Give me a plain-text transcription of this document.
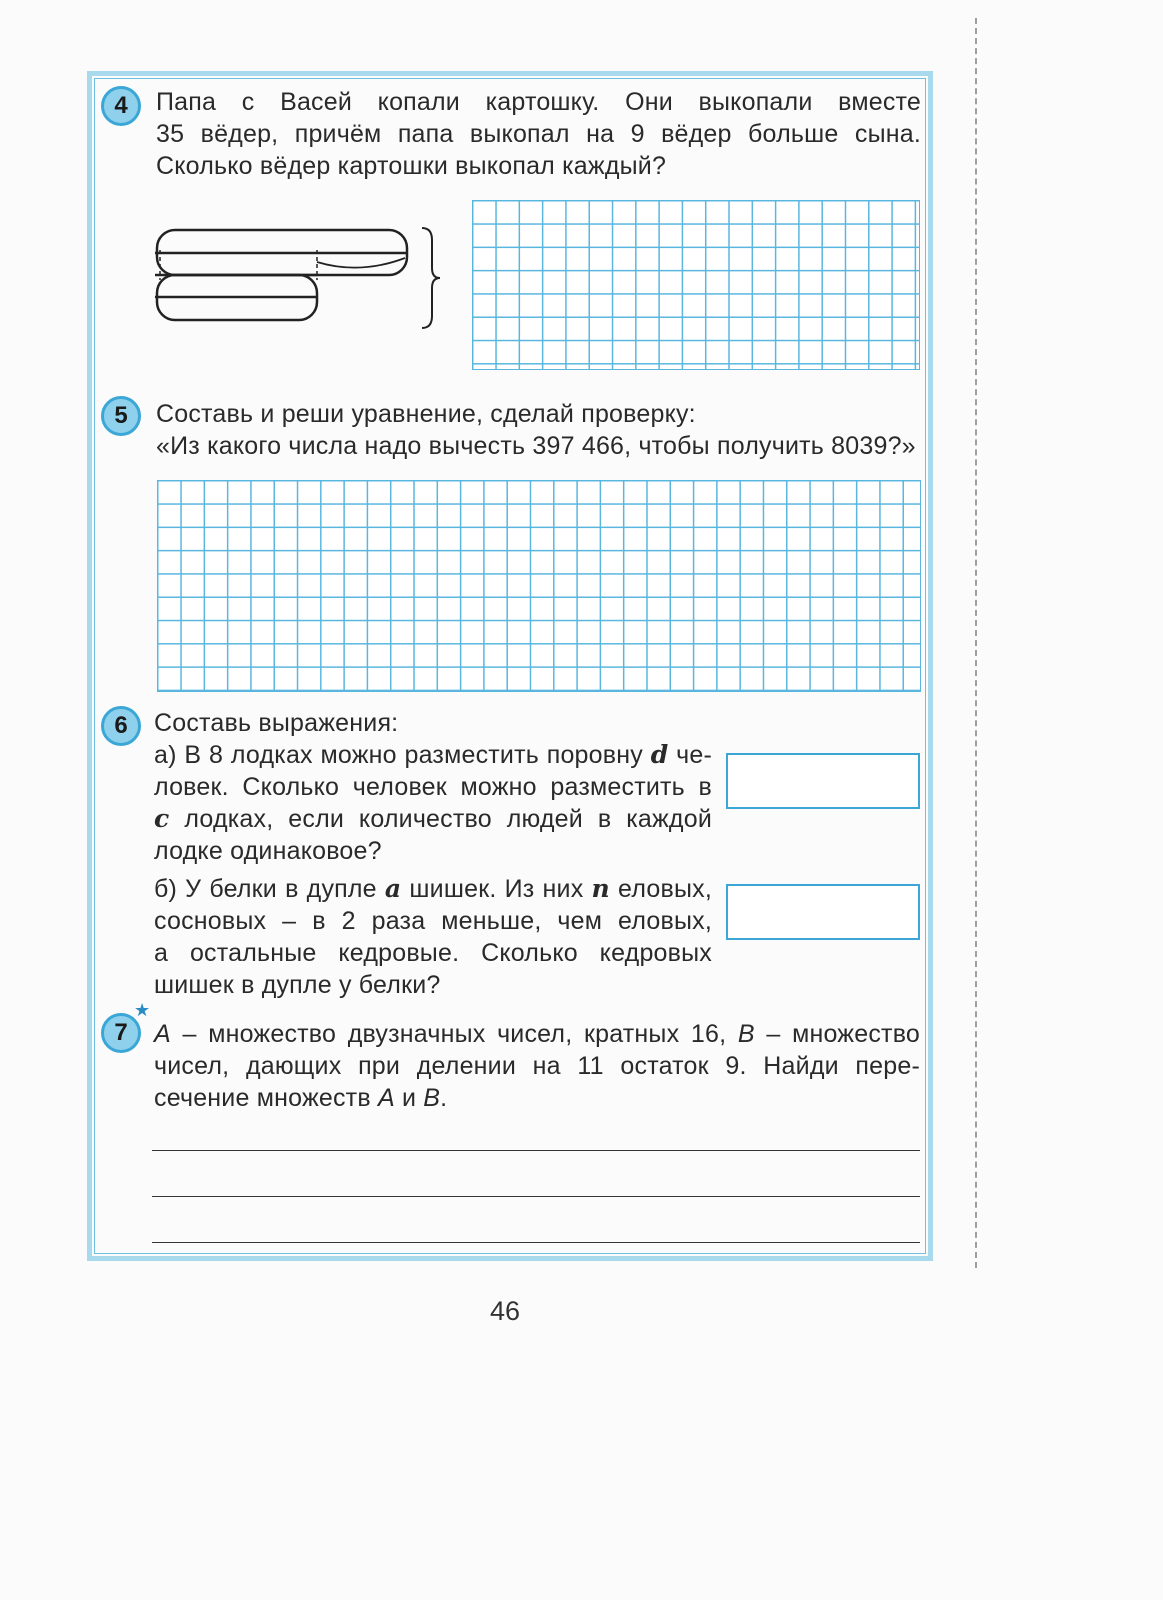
4 Папа с Васей копали картошку. Они выкопали вместе
35 вёдер, причём папа выкопал на 9 вёдер больше сына.
Сколько вёдер картошки выкопал каждый?
5 Составь и реши уравнение, сделай проверку:
«Из какого числа надо вычесть 397 466, чтобы получить 8039?»
6 Составь выражения:
а) В 8 лодках можно разместить поровну d че-
ловек. Сколько человек можно разместить в
c лодках, если количество людей в каждой
лодке одинаковое?
б) У белки в дупле a шишек. Из них n еловых,
сосновых – в 2 раза меньше, чем еловых,
а остальные кедровые. Сколько кедровых
шишек в дупле у белки?
★
7 A – множество двузначных чисел, кратных 16, B – множество
чисел, дающих при делении на 11 остаток 9. Найди пере-
сечение множеств A и B.
46
